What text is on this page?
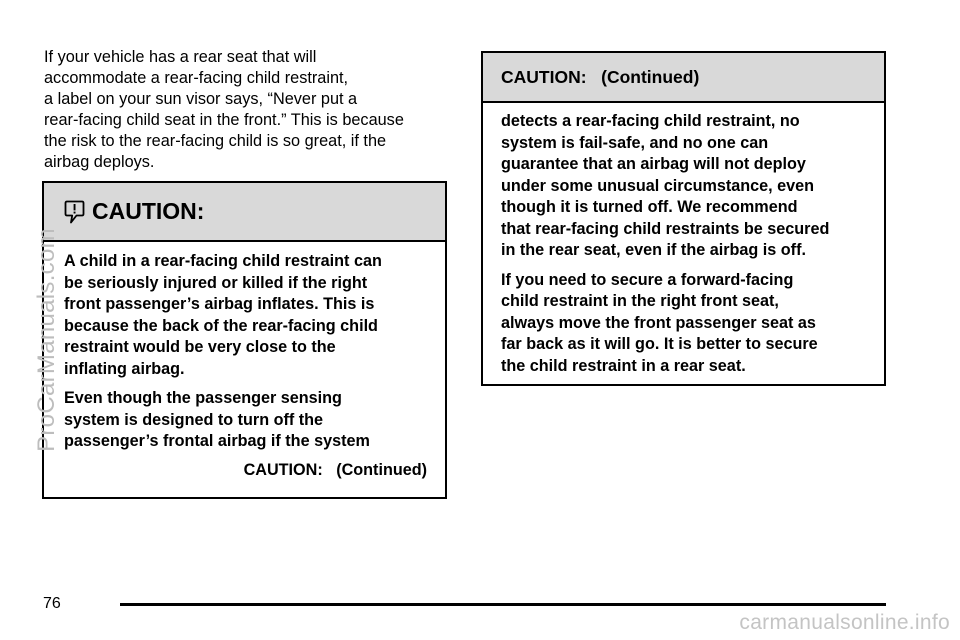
If your vehicle has a rear seat that will
accommodate a rear-facing child restraint,
a label on your sun visor says, “Never put a
rear-facing child seat in the front.” This is because
the risk to the rear-facing child is so great, if the
airbag deploys.

CAUTION:

A child in a rear-facing child restraint can
be seriously injured or killed if the right
front passenger’s airbag inflates. This is
because the back of the rear-facing child
restraint would be very close to the
inflating airbag.

Even though the passenger sensing
system is designed to turn off the
passenger’s frontal airbag if the system

CAUTION:   (Continued)
CAUTION:   (Continued)

detects a rear-facing child restraint, no
system is fail-safe, and no one can
guarantee that an airbag will not deploy
under some unusual circumstance, even
though it is turned off. We recommend
that rear-facing child restraints be secured
in the rear seat, even if the airbag is off.

If you need to secure a forward-facing
child restraint in the right front seat,
always move the front passenger seat as
far back as it will go. It is better to secure
the child restraint in a rear seat.

ProCarManuals.com
76
carmanualsonline.info
